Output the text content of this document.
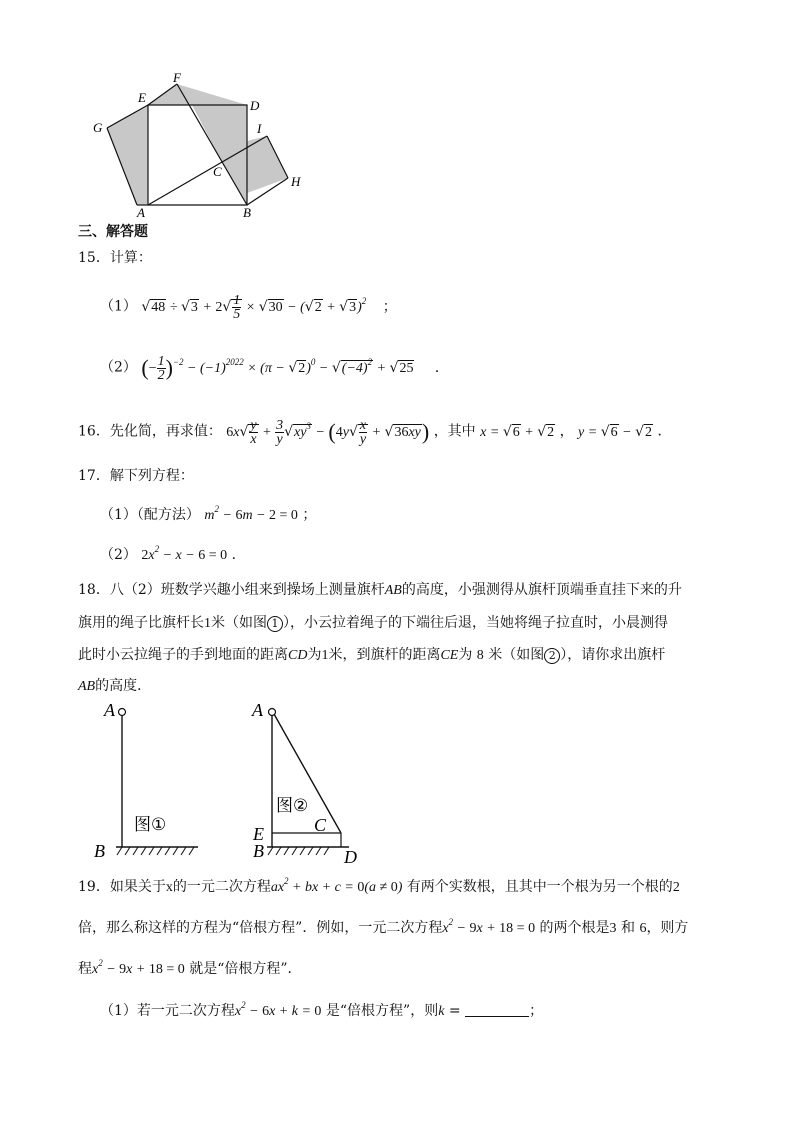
G
E
F
D
I
C
H
A	B
三、解答题
15．计算：
（1） $√48 \div √3 + 2√ \frac{1}{5} \times √30 - (√2 + √3)^2$ ；
（2） (− $\frac{1}{2} )^{-2} - (-1)^{2022} \times (\pi - √2)^0 - √(-4)^2 + √25$ ．
16．先化简，再求值： $6x√ \frac{y}{x} + \frac{3}{y} √xy^3 - (4y√ \frac{x}{y} + √36xy)$ ，其中 x = √6 + √2 ， y = √6 − √2 ．
17．解下列方程：
（1）（配方法） $m^2 - 6m - 2 = 0$ ；
（2） $2x^2 - x - 6 = 0$ ．
18．八（2）班数学兴趣小组来到操场上测量旗杆AB的高度，小强测得从旗杆顶端垂直挂下来的升
旗用的绳子比旗杆长1米（如图 1 ），小云拉着绳子的下端往后退，当她将绳子拉直时，小晨测得
此时小云拉绳子的手到地面的距离CD为1米，到旗杆的距离CE为 8 米（如图 2 ），请你求出旗杆
AB的高度．
A
B
图①
A
图②
C
E
B	D
19．如果关于x的一元二次方程$ax^2$ + bx + c = 0(a ≠ 0) 有两个实数根，且其中一个根为另一个根的2
倍，那么称这样的方程为“倍根方程”．例如，一元二次方程$x^2 - 9x + 18 = 0$ 的两个根是3 和 6，则方
程$x^2 - 9x + 18 = 0$ 就是“倍根方程”．
（1）若一元二次方程$x^2 - 6x + k = 0$ 是“倍根方程”，则k =	；
